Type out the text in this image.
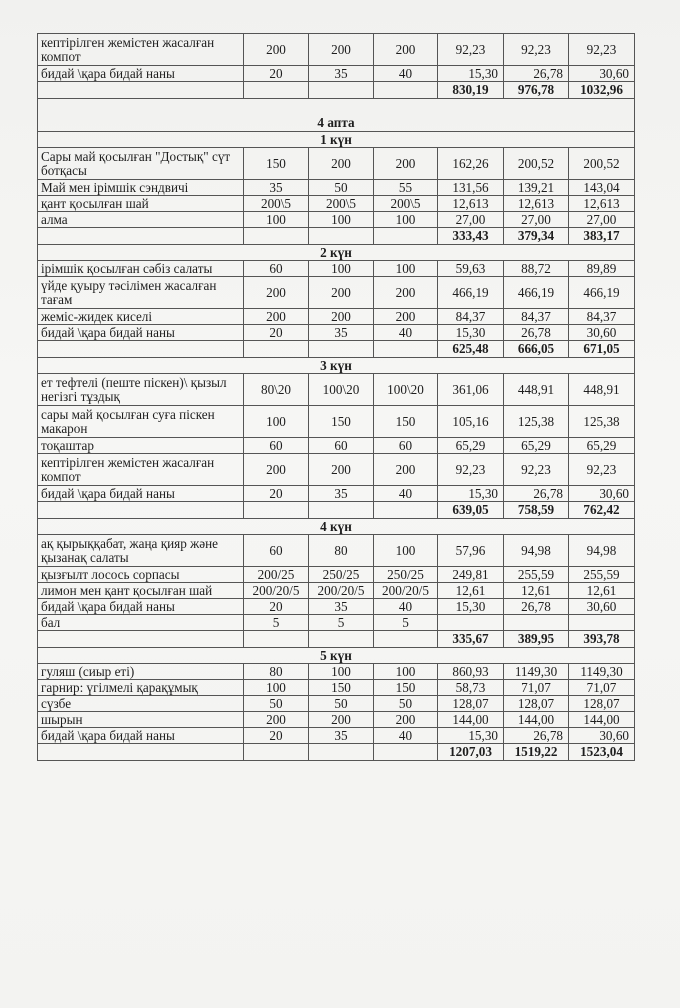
кептірілген жемістен жасалған компот	200	200	200	92,23	92,23	92,23
бидай \қара бидай наны	20	35	40	15,30	26,78	30,60
				830,19	976,78	1032,96
4 апта						
1 күн						
Сары май қосылған "Достық" сүт ботқасы	150	200	200	162,26	200,52	200,52
Май мен ірімшік сэндвичі	35	50	55	131,56	139,21	143,04
қант қосылған шай	200\5	200\5	200\5	12,613	12,613	12,613
алма	100	100	100	27,00	27,00	27,00
				333,43	379,34	383,17
2 күн						
ірімшік қосылған сәбіз салаты	60	100	100	59,63	88,72	89,89
үйде қуыру тәсілімен жасалған тағам	200	200	200	466,19	466,19	466,19
жеміс-жидек киселі	200	200	200	84,37	84,37	84,37
бидай \қара бидай наны	20	35	40	15,30	26,78	30,60
				625,48	666,05	671,05
3 күн						
ет тефтелі (пеште піскен)\ қызыл негізгі тұздық	80\20	100\20	100\20	361,06	448,91	448,91
сары май қосылған суға піскен макарон	100	150	150	105,16	125,38	125,38
тоқаштар	60	60	60	65,29	65,29	65,29
кептірілген жемістен жасалған компот	200	200	200	92,23	92,23	92,23
бидай \қара бидай наны	20	35	40	15,30	26,78	30,60
				639,05	758,59	762,42
4 күн						
ақ қырыққабат, жаңа қияр және қызанақ салаты	60	80	100	57,96	94,98	94,98
қызғылт лосось сорпасы	200/25	250/25	250/25	249,81	255,59	255,59
лимон мен қант қосылған шай	200/20/5	200/20/5	200/20/5	12,61	12,61	12,61
бидай \қара бидай наны	20	35	40	15,30	26,78	30,60
бал	5	5	5			
				335,67	389,95	393,78
5 күн						
гуляш (сиыр еті)	80	100	100	860,93	1149,30	1149,30
гарнир: үгілмелі қарақұмық	100	150	150	58,73	71,07	71,07
сүзбе	50	50	50	128,07	128,07	128,07
шырын	200	200	200	144,00	144,00	144,00
бидай \қара бидай наны	20	35	40	15,30	26,78	30,60
				1207,03	1519,22	1523,04
